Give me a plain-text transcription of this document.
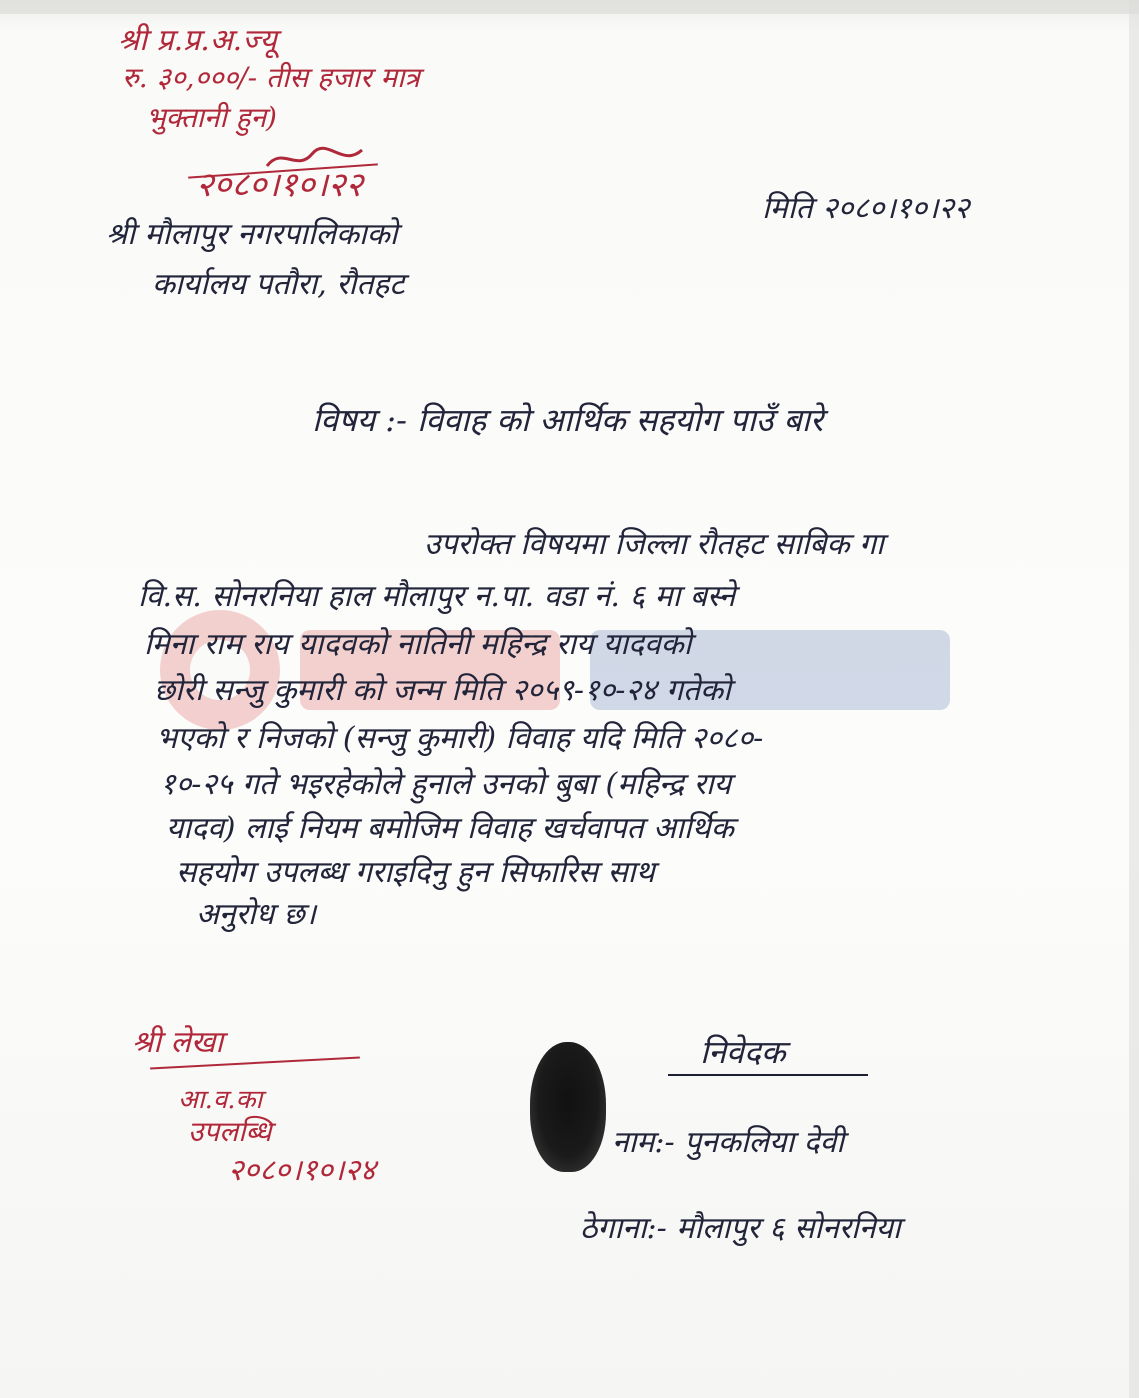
श्री प्र.प्र.अ.ज्यू
रु. ३०,०००/- तीस हजार मात्र
भुक्तानी हुन)
२०८०।१०।२२
मिति २०८०।१०।२२
श्री मौलापुर नगरपालिकाको
कार्यालय पतौरा, रौतहट
विषय :- विवाह को आर्थिक सहयोग पाउँ बारे
उपरोक्त विषयमा जिल्ला रौतहट साबिक गा
वि.स. सोनरनिया हाल मौलापुर न.पा. वडा नं. ६ मा बस्ने
मिना राम राय यादवको नातिनी महिन्द्र राय यादवको
छोरी सन्जु कुमारी को जन्म मिति २०५९-१०-२४ गतेको
भएको र निजको (सन्जु कुमारी) विवाह यदि मिति २०८०-
१०-२५ गते भइरहेकोले हुनाले उनको बुबा (महिन्द्र राय
यादव) लाई नियम बमोजिम विवाह खर्चवापत आर्थिक
सहयोग उपलब्ध गराइदिनु हुन सिफारिस साथ
अनुरोध छ।
श्री लेखा
आ.व.का
उपलब्धि
२०८०।१०।२४
निवेदक
नाम:- पुनकलिया देवी
ठेगाना:- मौलापुर ६ सोनरनिया
